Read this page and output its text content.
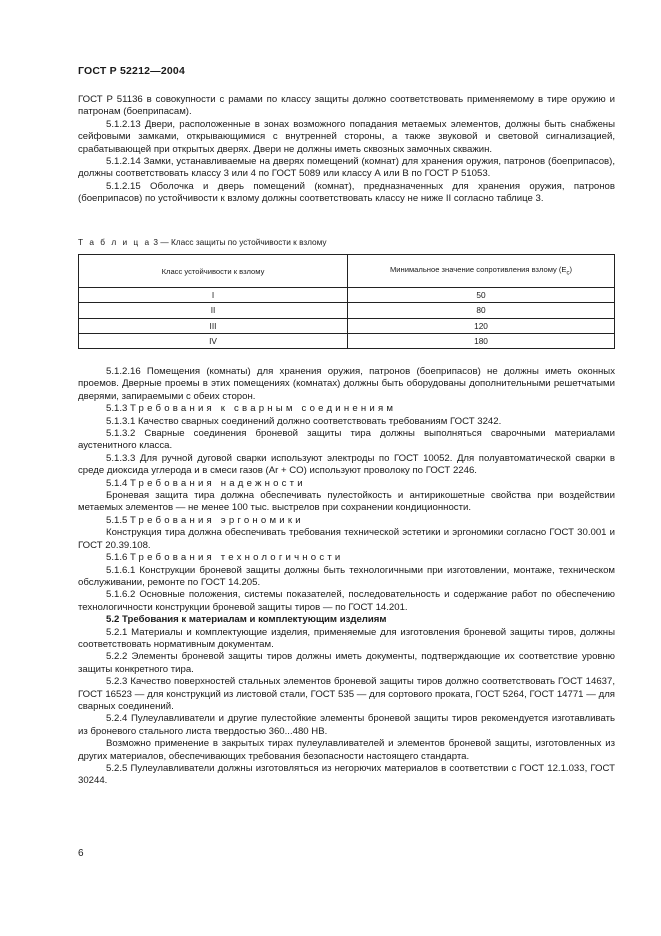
ГОСТ Р 52212—2004

ГОСТ Р 51136 в совокупности с рамами по классу защиты должно соответствовать применяемому в тире оружию и патронам (боеприпасам).

5.1.2.13 Двери, расположенные в зонах возможного попадания метаемых элементов, должны быть снабжены сейфовыми замками, открывающимися с внутренней стороны, а также звуковой и световой сигнализацией, срабатывающей при открытых дверях. Двери не должны иметь сквозных замочных скважин.

5.1.2.14 Замки, устанавливаемые на дверях помещений (комнат) для хранения оружия, патронов (боеприпасов), должны соответствовать классу 3 или 4 по ГОСТ 5089 или классу А или В по ГОСТ Р 51053.

5.1.2.15 Оболочка и дверь помещений (комнат), предназначенных для хранения оружия, патронов (боеприпасов) по устойчивости к взлому должны соответствовать классу не ниже II согласно таблице 3.

Т а б л и ц а 3 — Класс защиты по устойчивости к взлому
Класс устойчивости к взлому	Минимальное значение сопротивления взлому $(Е_с)$
I	50
II	80
III	120
IV	180

5.1.2.16 Помещения (комнаты) для хранения оружия, патронов (боеприпасов) не должны иметь оконных проемов. Дверные проемы в этих помещениях (комнатах) должны быть оборудованы дополнительными решетчатыми дверями, запираемыми с обеих сторон.

5.1.3 Требования к сварным соединениям

5.1.3.1 Качество сварных соединений должно соответствовать требованиям ГОСТ 3242.

5.1.3.2 Сварные соединения броневой защиты тира должны выполняться сварочными материалами аустенитного класса.

5.1.3.3 Для ручной дуговой сварки используют электроды по ГОСТ 10052. Для полуавтоматической сварки в среде диоксида углерода и в смеси газов (Ar + CO) используют проволоку по ГОСТ 2246.

5.1.4 Требования надежности

Броневая защита тира должна обеспечивать пулестойкость и антирикошетные свойства при воздействии метаемых элементов — не менее 100 тыс. выстрелов при сохранении кондиционности.

5.1.5 Требования эргономики

Конструкция тира должна обеспечивать требования технической эстетики и эргономики согласно ГОСТ 30.001 и ГОСТ 20.39.108.

5.1.6 Требования технологичности

5.1.6.1 Конструкции броневой защиты должны быть технологичными при изготовлении, монтаже, техническом обслуживании, ремонте по ГОСТ 14.205.

5.1.6.2 Основные положения, системы показателей, последовательность и содержание работ по обеспечению технологичности конструкции броневой защиты тиров — по ГОСТ 14.201.

5.2 Требования к материалам и комплектующим изделиям

5.2.1 Материалы и комплектующие изделия, применяемые для изготовления броневой защиты тиров, должны соответствовать нормативным документам.

5.2.2 Элементы броневой защиты тиров должны иметь документы, подтверждающие их соответствие уровню защиты конкретного тира.

5.2.3 Качество поверхностей стальных элементов броневой защиты тиров должно соответствовать ГОСТ 14637, ГОСТ 16523 — для конструкций из листовой стали, ГОСТ 535 — для сортового проката, ГОСТ 5264, ГОСТ 14771 — для сварных соединений.

5.2.4 Пулеулавливатели и другие пулестойкие элементы броневой защиты тиров рекомендуется изготавливать из броневого стального листа твердостью 360...480 НВ.

Возможно применение в закрытых тирах пулеулавливателей и элементов броневой защиты, изготовленных из других материалов, обеспечивающих требования безопасности настоящего стандарта.

5.2.5 Пулеулавливатели должны изготовляться из негорючих материалов в соответствии с ГОСТ 12.1.033, ГОСТ 30244.

6
